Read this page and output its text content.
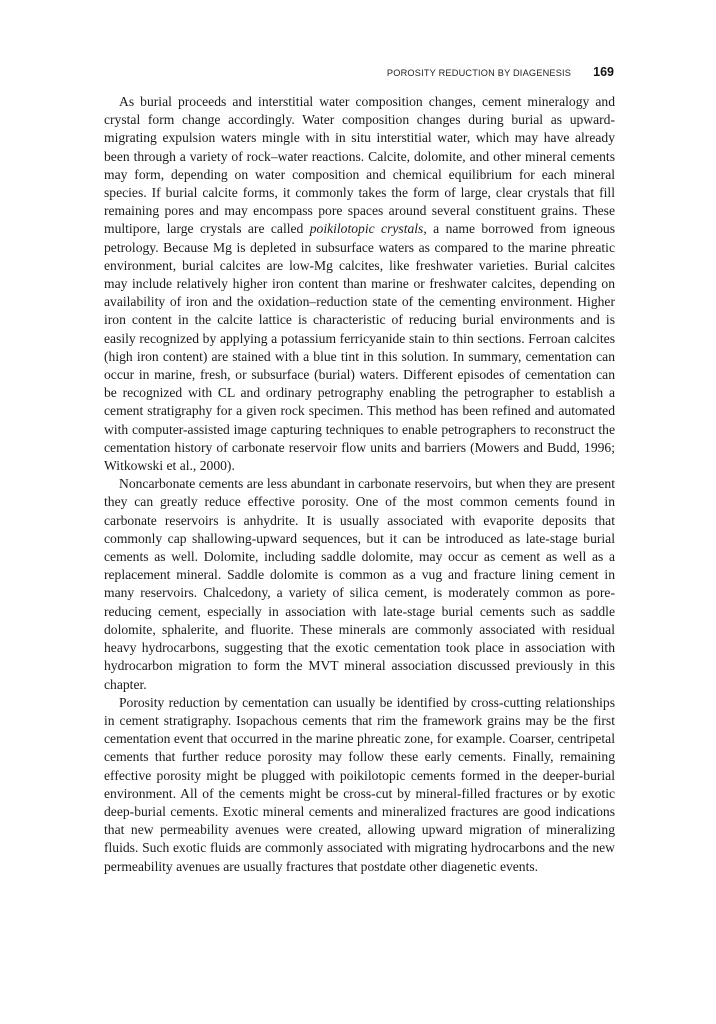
POROSITY REDUCTION BY DIAGENESIS 169

As burial proceeds and interstitial water composition changes, cement mineralogy and crystal form change accordingly. Water composition changes during burial as upward-migrating expulsion waters mingle with in situ interstitial water, which may have already been through a variety of rock–water reactions. Calcite, dolomite, and other mineral cements may form, depending on water composition and chemical equilibrium for each mineral species. If burial calcite forms, it commonly takes the form of large, clear crystals that fill remaining pores and may encompass pore spaces around several constituent grains. These multipore, large crystals are called poikilotopic crystals, a name borrowed from igneous petrology. Because Mg is depleted in subsurface waters as compared to the marine phreatic environment, burial calcites are low-Mg calcites, like freshwater varieties. Burial calcites may include relatively higher iron content than marine or freshwater calcites, depending on availability of iron and the oxidation–reduction state of the cementing environment. Higher iron content in the calcite lattice is characteristic of reducing burial environments and is easily recognized by applying a potassium ferricyanide stain to thin sections. Ferroan calcites (high iron content) are stained with a blue tint in this solution. In summary, cementation can occur in marine, fresh, or subsurface (burial) waters. Different episodes of cementation can be recognized with CL and ordinary petrography enabling the petrographer to establish a cement stratigraphy for a given rock specimen. This method has been refined and automated with computer-assisted image capturing techniques to enable petrographers to reconstruct the cementation history of carbonate reservoir flow units and barriers (Mowers and Budd, 1996; Witkowski et al., 2000).

Noncarbonate cements are less abundant in carbonate reservoirs, but when they are present they can greatly reduce effective porosity. One of the most common cements found in carbonate reservoirs is anhydrite. It is usually associated with evaporite deposits that commonly cap shallowing-upward sequences, but it can be introduced as late-stage burial cements as well. Dolomite, including saddle dolomite, may occur as cement as well as a replacement mineral. Saddle dolomite is common as a vug and fracture lining cement in many reservoirs. Chalcedony, a variety of silica cement, is moderately common as pore-reducing cement, especially in association with late-stage burial cements such as saddle dolomite, sphalerite, and fluorite. These minerals are commonly associated with residual heavy hydrocarbons, suggesting that the exotic cementation took place in association with hydrocarbon migration to form the MVT mineral association discussed previously in this chapter.

Porosity reduction by cementation can usually be identified by cross-cutting relationships in cement stratigraphy. Isopachous cements that rim the framework grains may be the first cementation event that occurred in the marine phreatic zone, for example. Coarser, centripetal cements that further reduce porosity may follow these early cements. Finally, remaining effective porosity might be plugged with poikilotopic cements formed in the deeper-burial environment. All of the cements might be cross-cut by mineral-filled fractures or by exotic deep-burial cements. Exotic mineral cements and mineralized fractures are good indications that new permeability avenues were created, allowing upward migration of mineralizing fluids. Such exotic fluids are commonly associated with migrating hydrocarbons and the new permeability avenues are usually fractures that postdate other diagenetic events.
